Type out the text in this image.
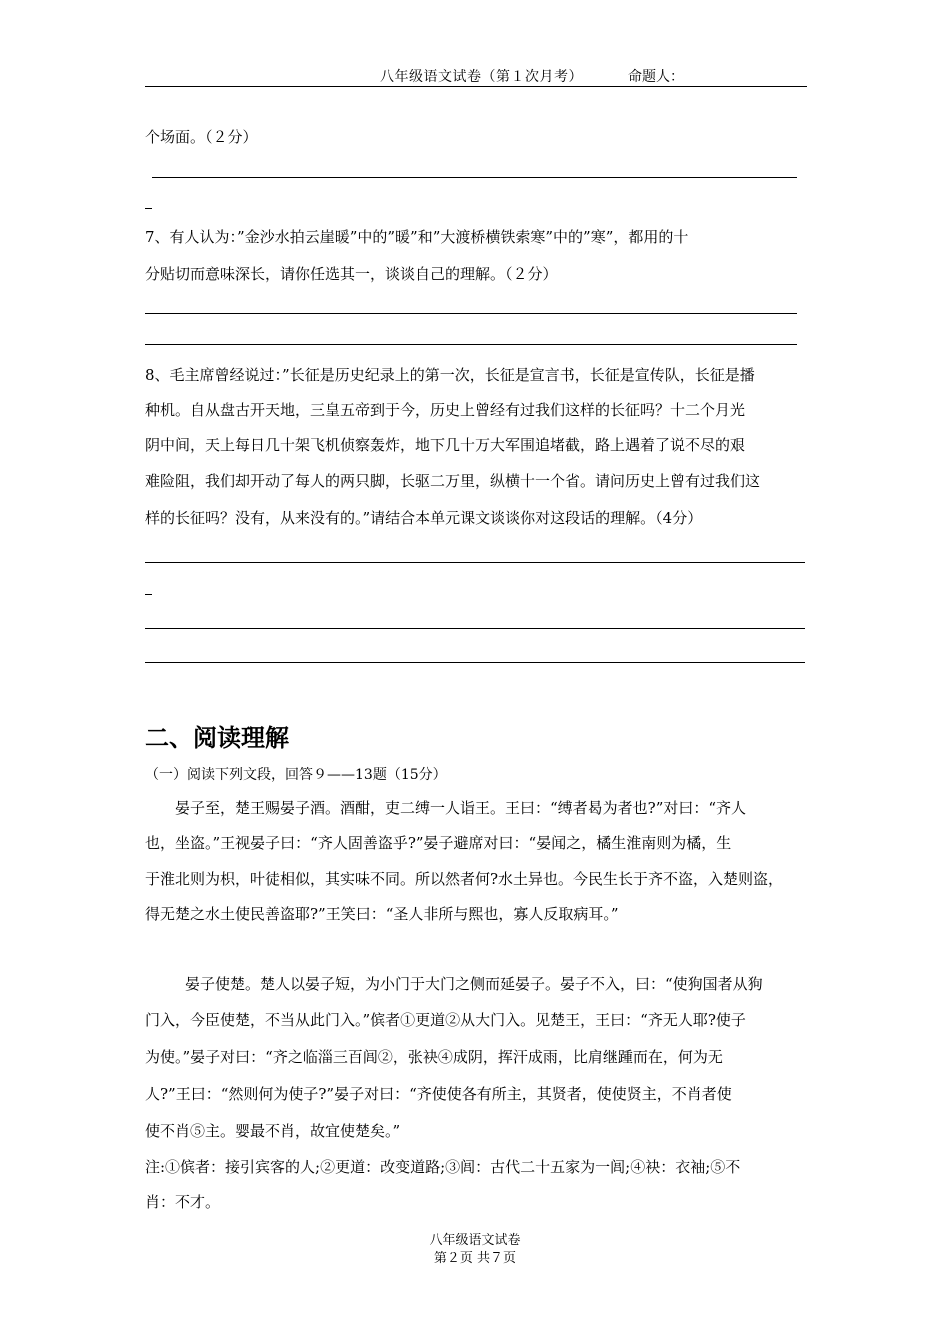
八年级语文试卷（第１次月考）	命题人：
个场面。（２分）
7、有人认为：”金沙水拍云崖暖”中的”暖”和”大渡桥横铁索寒”中的”寒”，都用的十
分贴切而意味深长，请你任选其一，谈谈自己的理解。（２分）
8、毛主席曾经说过：”长征是历史纪录上的第一次，长征是宣言书，长征是宣传队，长征是播
种机。自从盘古开天地，三皇五帝到于今，历史上曾经有过我们这样的长征吗？十二个月光
阴中间，天上每日几十架飞机侦察轰炸，地下几十万大军围追堵截，路上遇着了说不尽的艰
难险阻，我们却开动了每人的两只脚，长驱二万里，纵横十一个省。请问历史上曾有过我们这
样的长征吗？没有，从来没有的。”请结合本单元课文谈谈你对这段话的理解。（4分）
二、阅读理解
（一）阅读下列文段，回答９——13题（15分）
晏子至，楚王赐晏子酒。酒酣，吏二缚一人诣王。王曰：“缚者曷为者也?”对曰：“齐人
也，坐盗。”王视晏子曰：“齐人固善盗乎?”晏子避席对曰：“晏闻之，橘生淮南则为橘，生
于淮北则为枳，叶徒相似，其实味不同。所以然者何?水土异也。今民生长于齐不盗，入楚则盗，
得无楚之水土使民善盗耶?”王笑曰：“圣人非所与熙也，寡人反取病耳。”
晏子使楚。楚人以晏子短，为小门于大门之侧而延晏子。晏子不入，曰：“使狗国者从狗
门入，今臣使楚，不当从此门入。”傧者①更道②从大门入。见楚王，王曰：“齐无人耶?使子
为使。”晏子对曰：“齐之临淄三百闾②，张袂④成阴，挥汗成雨，比肩继踵而在，何为无
人?”王曰：“然则何为使子?”晏子对曰：“齐使使各有所主，其贤者，使使贤主，不肖者使
使不肖⑤主。婴最不肖，故宜使楚矣。”
注:①傧者：接引宾客的人;②更道：改变道路;③闾：古代二十五家为一闾;④袂：衣袖;⑤不
肖：不才。
八年级语文试卷
第２页 共７页
